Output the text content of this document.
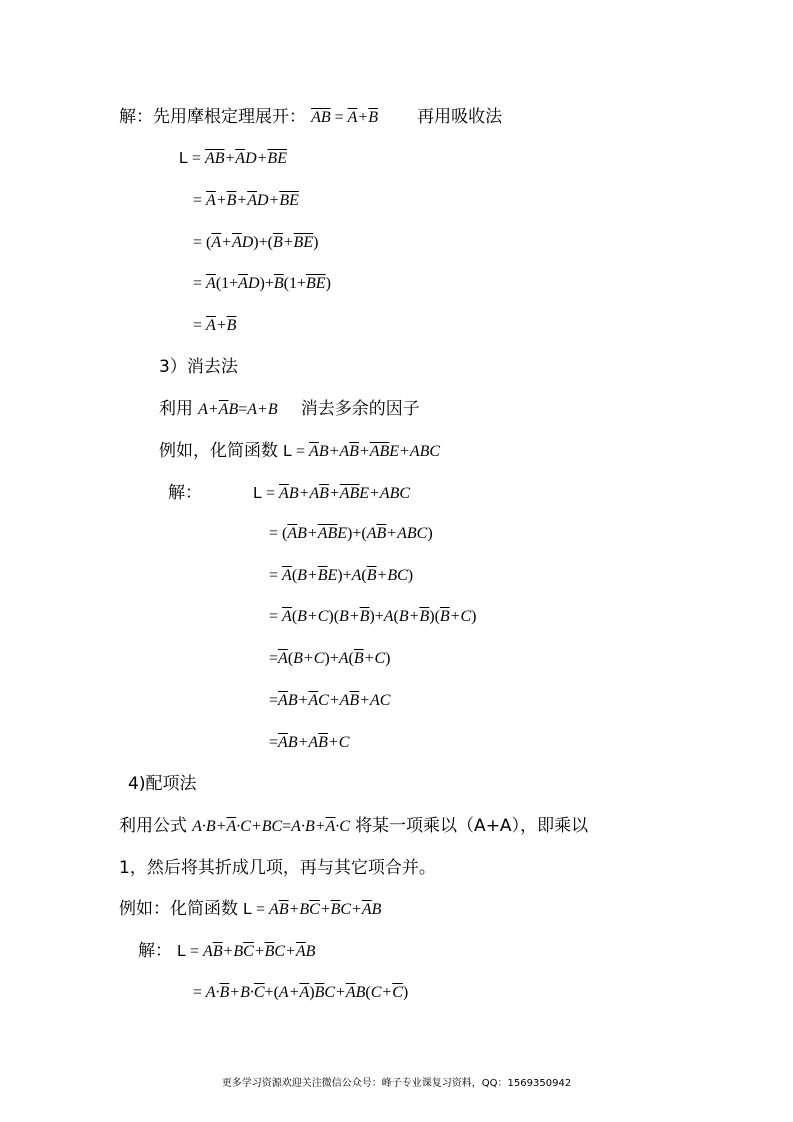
解：先用摩根定理展开： $\overline{AB} = \overline{A}+\overline{B}$ 再用吸收法
$L = \overline{AB}+\overline{A}D+\overline{BE}$
= $\overline{A}+\overline{B}+\overline{A}D+\overline{BE}$
= $(\overline{A}+\overline{A}D)+(\overline{B}+\overline{BE})$
= $\overline{A}(1+\overline{A}D)+\overline{B}(1+\overline{BE})$
= $\overline{A}+\overline{B}$
3）消去法
利用 $A+\overline{A}B=A+B$ 消去多余的因子
例如，化简函数 $L = \overline{A}B+A\overline{B}+\overline{AB}E+ABC$
解：	$L = \overline{A}B+A\overline{B}+\overline{AB}E+ABC$
= $(\overline{A}B+\overline{AB}E)+(A\overline{B}+ABC)$
= $\overline{A}(B+\overline{B}E)+A(\overline{B}+BC)$
= $\overline{A}(B+C)(B+\overline{B})+A(B+\overline{B})(\overline{B}+C)$
$=\overline{A}(B+C)+A(\overline{B}+C)$
$=\overline{A}B+\overline{A}C+A\overline{B}+AC$
$=\overline{A}B+A\overline{B}+C$
4)配项法
利用公式 $A\cdot B+\overline{A}\cdot C+BC=A\cdot B+\overline{A}\cdot C$ 将某一项乘以（A+A），即乘以
1，然后将其折成几项，再与其它项合并。
例如：化简函数 $L = A\overline{B}+B\overline{C}+\overline{B}C+\overline{A}B$
解： $L = A\overline{B}+B\overline{C}+\overline{B}C+\overline{A}B$
= $A\cdot\overline{B}+B\cdot\overline{C}+(A+\overline{A})\overline{B}C+\overline{A}B(C+\overline{C})$
更多学习资源欢迎关注微信公众号：峰子专业课复习资料，QQ：1569350942
